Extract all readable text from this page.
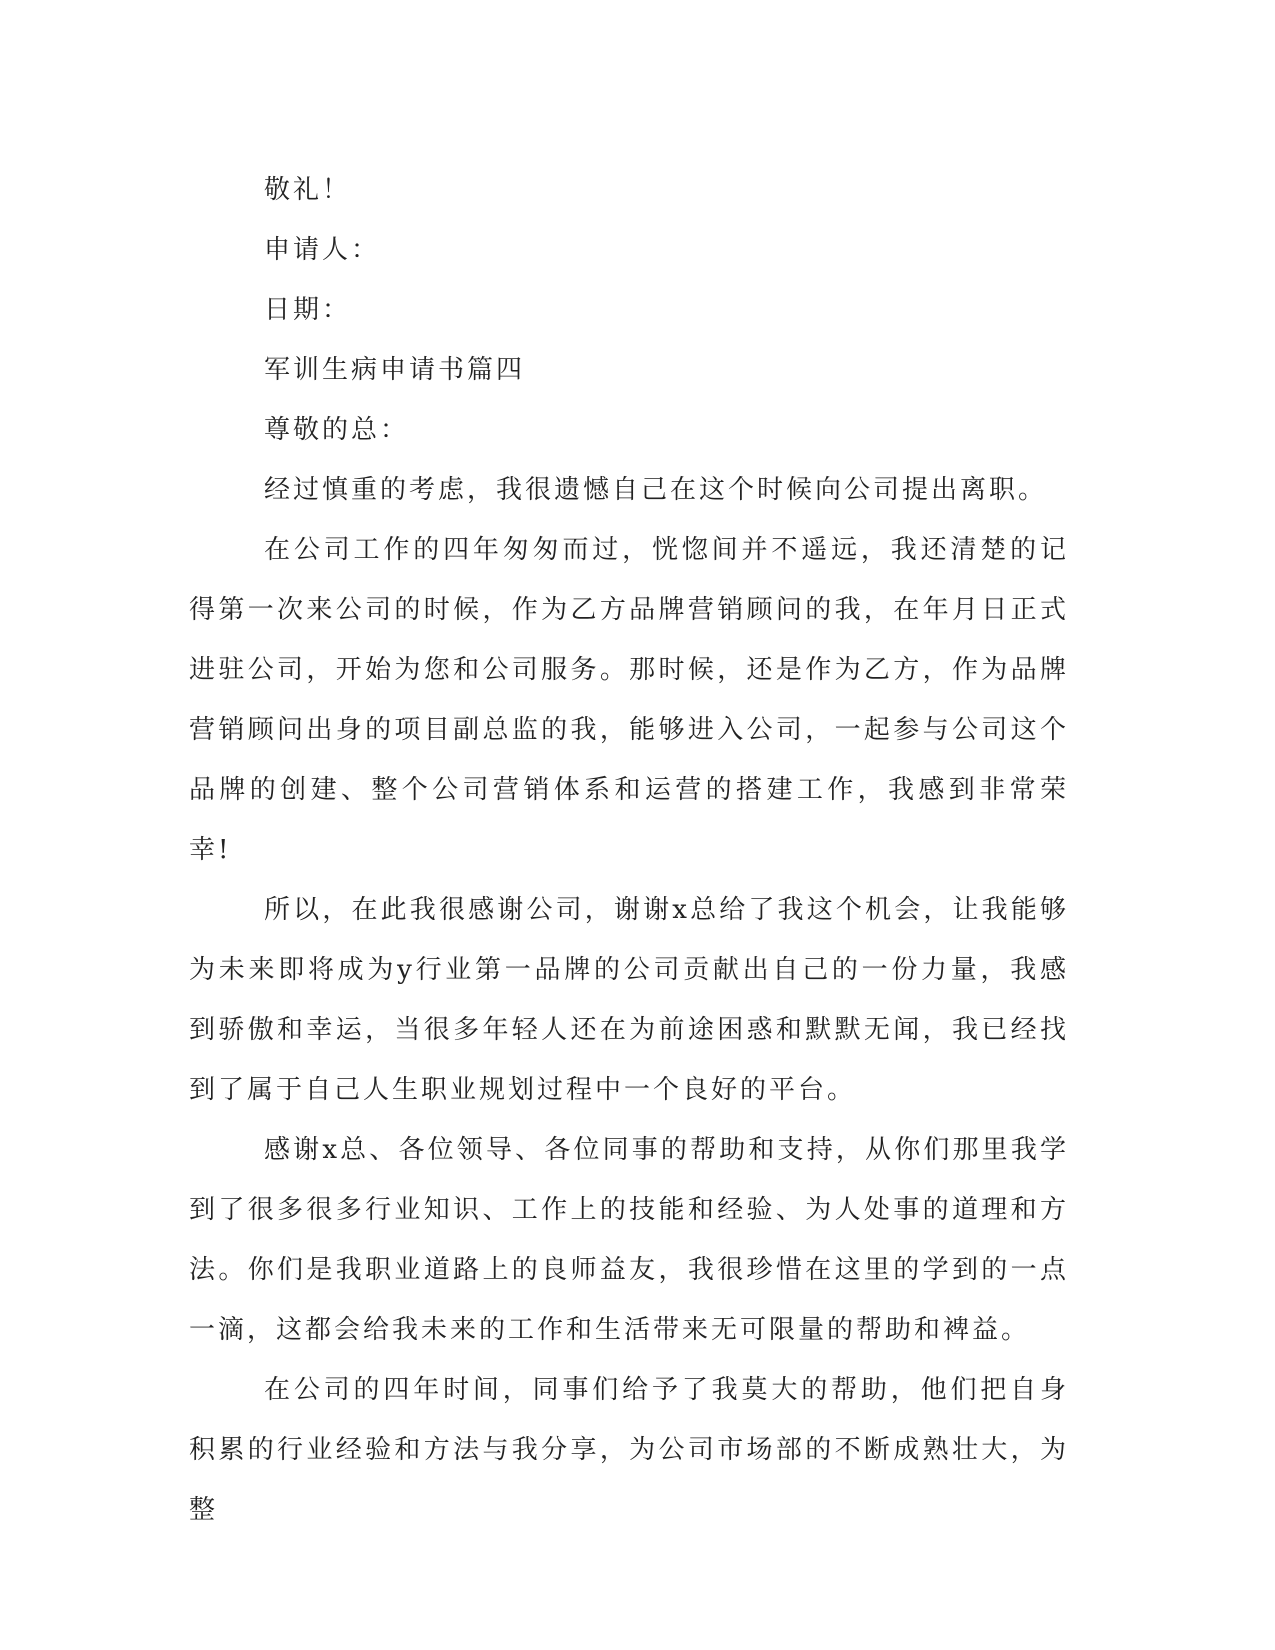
敬礼！

申请人：

日期：

军训生病申请书篇四

尊敬的总：

经过慎重的考虑，我很遗憾自己在这个时候向公司提出离职。

在公司工作的四年匆匆而过，恍惚间并不遥远，我还清楚的记得第一次来公司的时候，作为乙方品牌营销顾问的我，在年月日正式进驻公司，开始为您和公司服务。那时候，还是作为乙方，作为品牌营销顾问出身的项目副总监的我，能够进入公司，一起参与公司这个品牌的创建、整个公司营销体系和运营的搭建工作，我感到非常荣幸!

所以，在此我很感谢公司，谢谢x总给了我这个机会，让我能够为未来即将成为y行业第一品牌的公司贡献出自己的一份力量，我感到骄傲和幸运，当很多年轻人还在为前途困惑和默默无闻，我已经找到了属于自己人生职业规划过程中一个良好的平台。

感谢x总、各位领导、各位同事的帮助和支持，从你们那里我学到了很多很多行业知识、工作上的技能和经验、为人处事的道理和方法。你们是我职业道路上的良师益友，我很珍惜在这里的学到的一点一滴，这都会给我未来的工作和生活带来无可限量的帮助和裨益。

在公司的四年时间，同事们给予了我莫大的帮助，他们把自身积累的行业经验和方法与我分享，为公司市场部的不断成熟壮大，为整
